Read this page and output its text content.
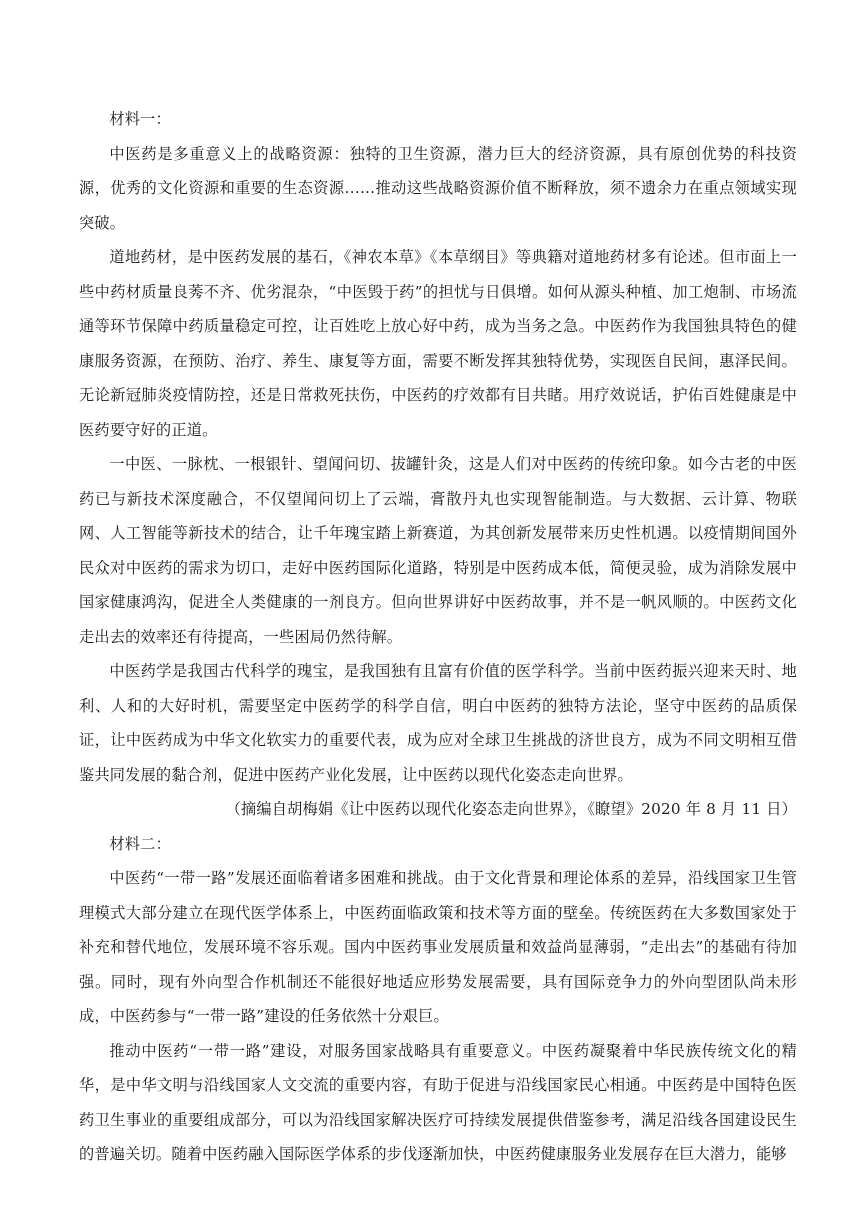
材料一：

中医药是多重意义上的战略资源：独特的卫生资源，潜力巨大的经济资源，具有原创优势的科技资源，优秀的文化资源和重要的生态资源……推动这些战略资源价值不断释放，须不遗余力在重点领域实现突破。

道地药材，是中医药发展的基石，《神农本草》《本草纲目》等典籍对道地药材多有论述。但市面上一些中药材质量良莠不齐、优劣混杂，“中医毁于药”的担忧与日俱增。如何从源头种植、加工炮制、市场流通等环节保障中药质量稳定可控，让百姓吃上放心好中药，成为当务之急。中医药作为我国独具特色的健康服务资源，在预防、治疗、养生、康复等方面，需要不断发挥其独特优势，实现医自民间，惠泽民间。无论新冠肺炎疫情防控，还是日常救死扶伤，中医药的疗效都有目共睹。用疗效说话，护佑百姓健康是中医药要守好的正道。

一中医、一脉枕、一根银针、望闻问切、拔罐针灸，这是人们对中医药的传统印象。如今古老的中医药已与新技术深度融合，不仅望闻问切上了云端，膏散丹丸也实现智能制造。与大数据、云计算、物联网、人工智能等新技术的结合，让千年瑰宝踏上新赛道，为其创新发展带来历史性机遇。以疫情期间国外民众对中医药的需求为切口，走好中医药国际化道路，特别是中医药成本低，简便灵验，成为消除发展中国家健康鸿沟，促进全人类健康的一剂良方。但向世界讲好中医药故事，并不是一帆风顺的。中医药文化走出去的效率还有待提高，一些困局仍然待解。

中医药学是我国古代科学的瑰宝，是我国独有且富有价值的医学科学。当前中医药振兴迎来天时、地利、人和的大好时机，需要坚定中医药学的科学自信，明白中医药的独特方法论，坚守中医药的品质保证，让中医药成为中华文化软实力的重要代表，成为应对全球卫生挑战的济世良方，成为不同文明相互借鉴共同发展的黏合剂，促进中医药产业化发展，让中医药以现代化姿态走向世界。

（摘编自胡梅娟《让中医药以现代化姿态走向世界》，《瞭望》2020 年 8 月 11 日）

材料二：

中医药“一带一路”发展还面临着诸多困难和挑战。由于文化背景和理论体系的差异，沿线国家卫生管理模式大部分建立在现代医学体系上，中医药面临政策和技术等方面的壁垒。传统医药在大多数国家处于补充和替代地位，发展环境不容乐观。国内中医药事业发展质量和效益尚显薄弱，“走出去”的基础有待加强。同时，现有外向型合作机制还不能很好地适应形势发展需要，具有国际竞争力的外向型团队尚未形成，中医药参与“一带一路”建设的任务依然十分艰巨。

推动中医药“一带一路”建设，对服务国家战略具有重要意义。中医药凝聚着中华民族传统文化的精华，是中华文明与沿线国家人文交流的重要内容，有助于促进与沿线国家民心相通。中医药是中国特色医药卫生事业的重要组成部分，可以为沿线国家解决医疗可持续发展提供借鉴参考，满足沿线各国建设民生的普遍关切。随着中医药融入国际医学体系的步伐逐渐加快，中医药健康服务业发展存在巨大潜力，能够
